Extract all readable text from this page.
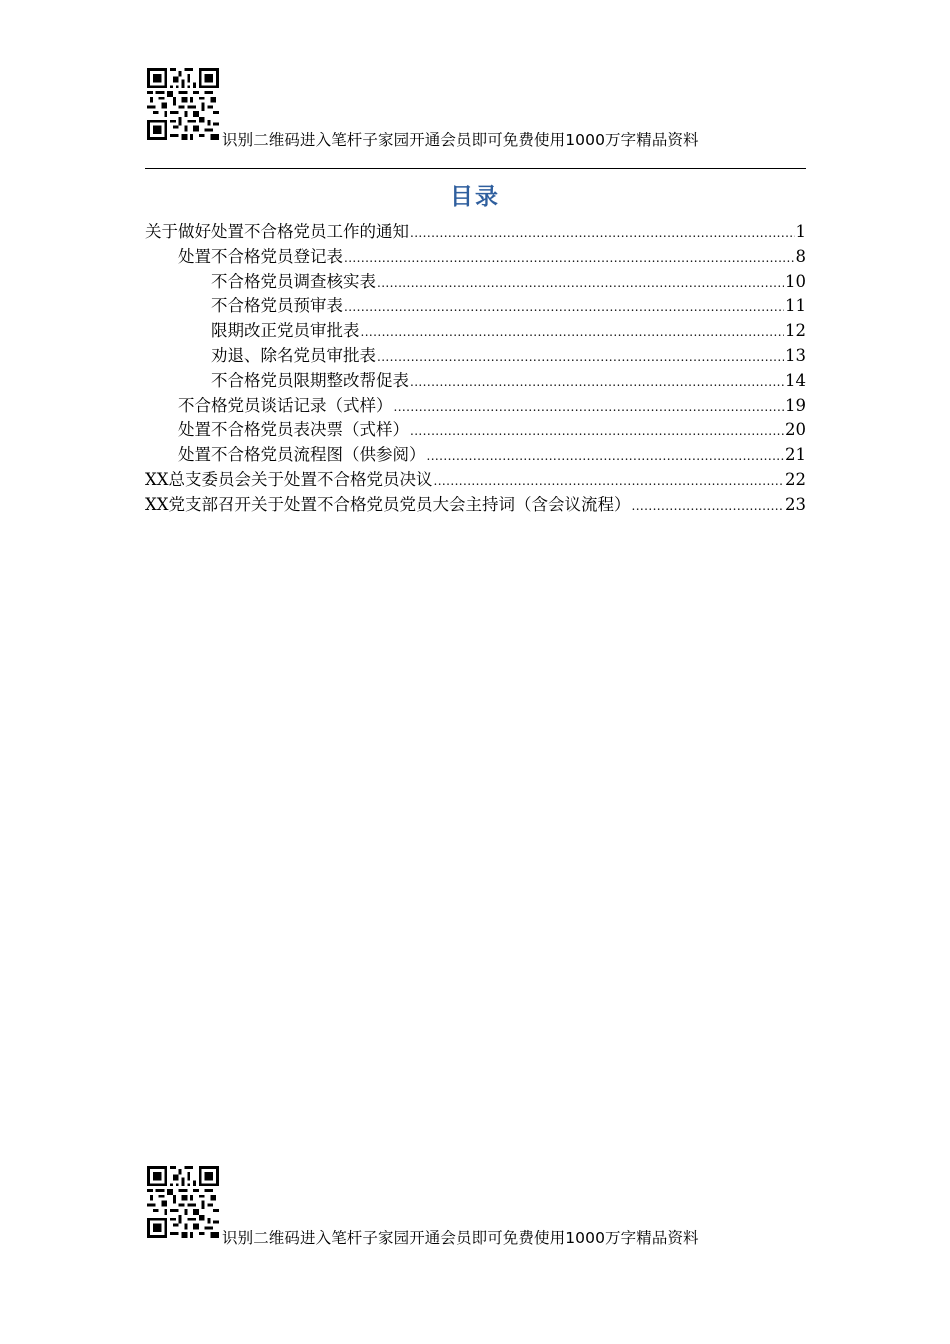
识别二维码进入笔杆子家园开通会员即可免费使用1000万字精品资料
目录
关于做好处置不合格党员工作的通知 .....	1
处置不合格党员登记表 .....	8
不合格党员调查核实表 .....	10
不合格党员预审表 .....	11
限期改正党员审批表 .....	12
劝退、除名党员审批表 .....	13
不合格党员限期整改帮促表 .....	14
不合格党员谈话记录（式样） .....	19
处置不合格党员表决票（式样） .....	20
处置不合格党员流程图（供参阅） .....	21
XX总支委员会关于处置不合格党员决议 .....	22
XX党支部召开关于处置不合格党员党员大会主持词（含会议流程） .....	23
识别二维码进入笔杆子家园开通会员即可免费使用1000万字精品资料
